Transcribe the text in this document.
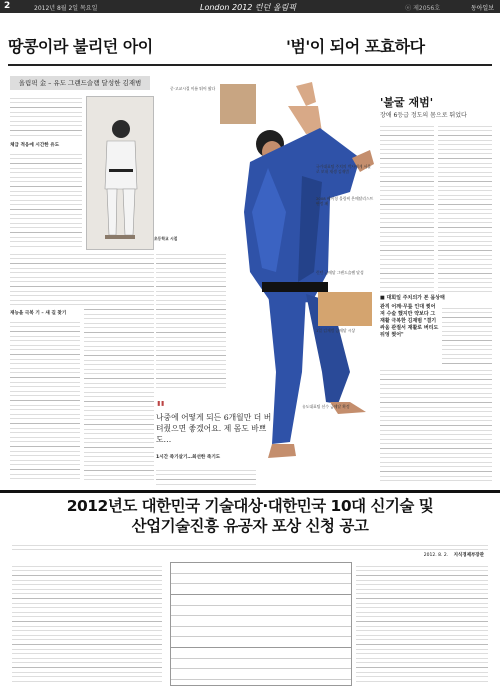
2	2012년 8월 2일 목요일	London 2012 런던 올림픽	ⓔ 제2056호	동아일보
땅콩이라 불리던 아이	'범'이 되어 포효하다
올림픽 金 – 유도 그랜드슬램 달성한 김재범
초등학교 시절
체급 적응에 시간한 유도
재능을 극복 기 – 새 길 찾기
"
나중에 어떻게 되든 6개월만 더 버텨줬으면 좋겠어요. 제 몸도 바쁘도…
1시간 죽기살기…최선한 죽기도
중·고교시절 이름 뛰어 왔다
국가대표팀 주치의 박사에게 서울로 보내 재생 김재범
2008 베이징 올림픽 은메달리스트 판정 패
런던 금메달 그랜드슬램 달성
1일 김재범 금메달 시상
유도대표팀 선수 금메달 확정
'불굴 재범'
장애 6등급 정도의 몸으로 뛰었다
■ 대회일 주치의가 본 몸상태
관직 어깨·무릎 인대 찢어져 수술 했지만 약보다 그 재활 극복한 김재범 "결기 싸움 관절서 재활로 버티도 뒤엉 찢어"
2012년도 대한민국 기술대상·대한민국 10대 신기술 및
산업기술진흥 유공자 포상 신청 공고
2012. 8. 2. 지식경제부장관
